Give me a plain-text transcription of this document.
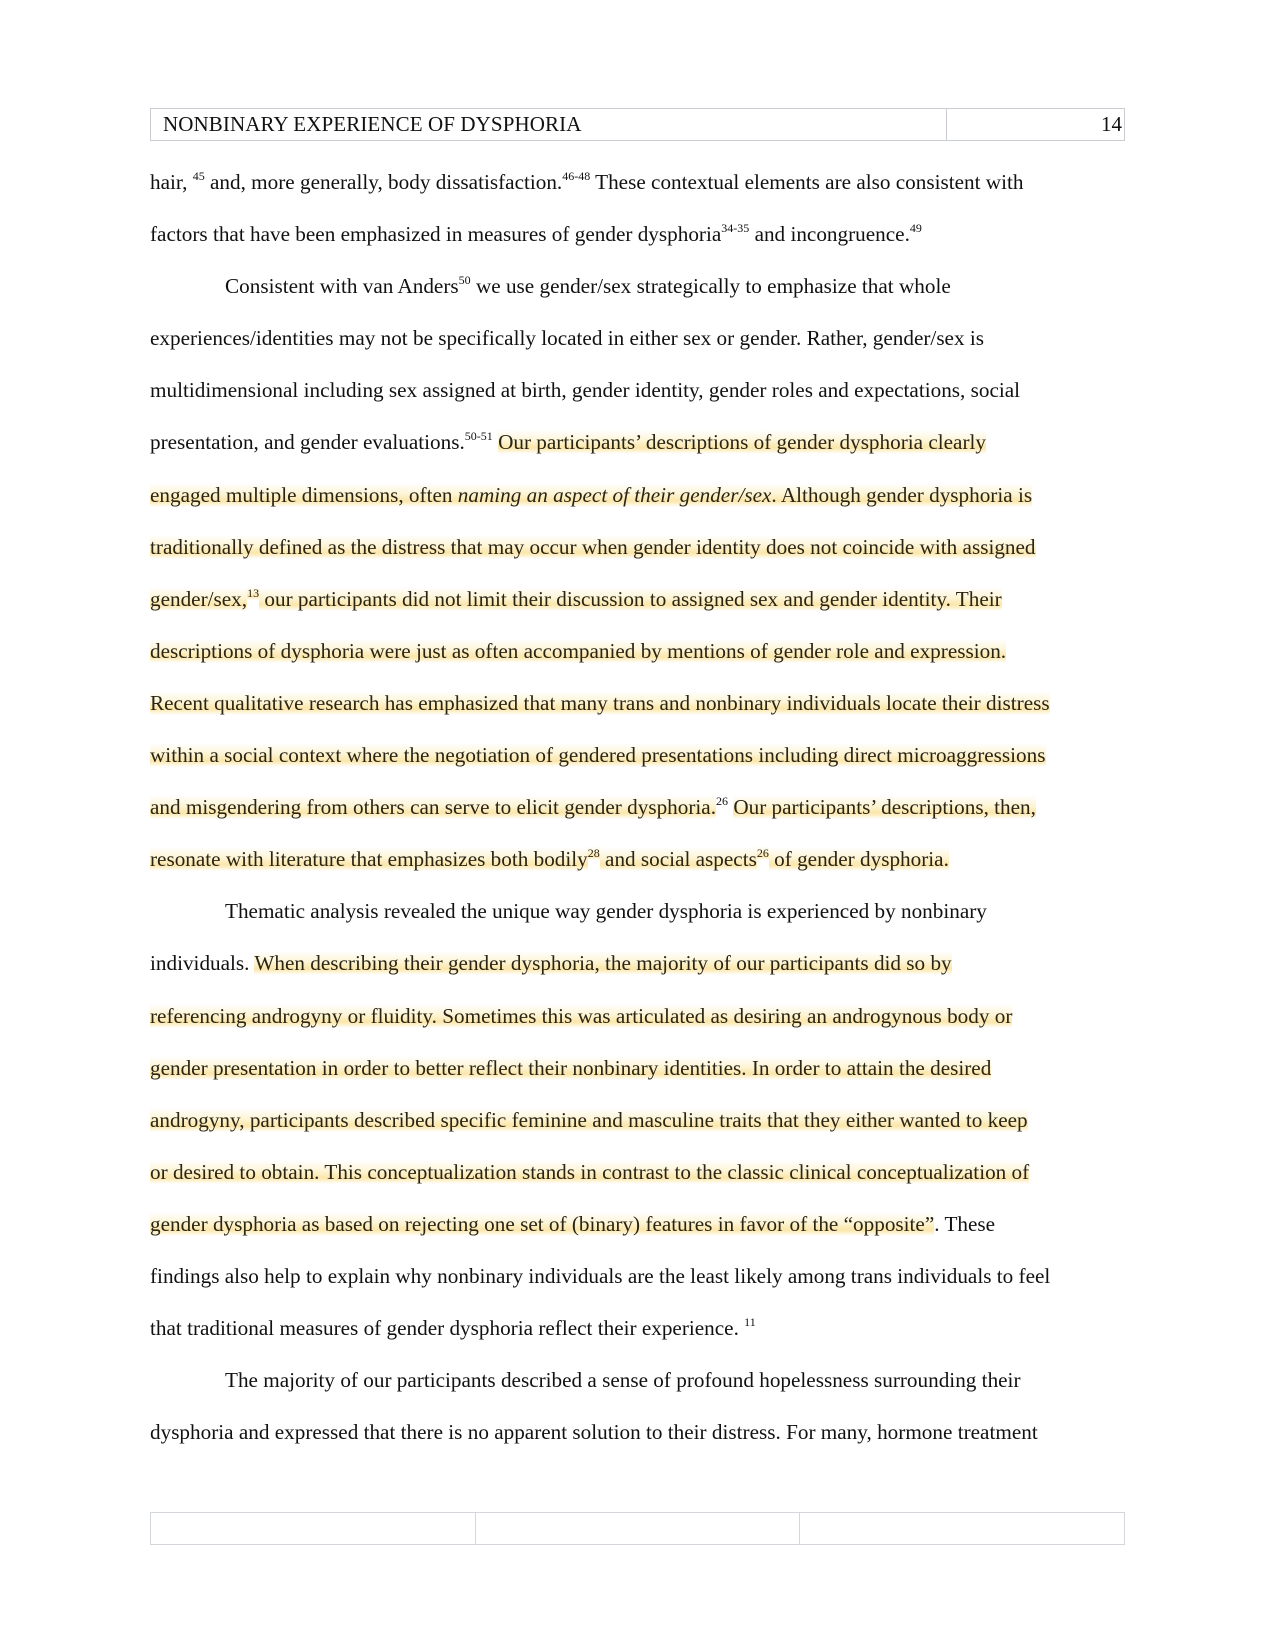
NONBINARY EXPERIENCE OF DYSPHORIA	14
hair, $^{45}$ and, more generally, body dissatisfaction.$^{46-48}$ These contextual elements are also consistent with
factors that have been emphasized in measures of gender dysphoria$^{34-35}$ and incongruence.$^{49}$
Consistent with van Anders$^{50}$ we use gender/sex strategically to emphasize that whole
experiences/identities may not be specifically located in either sex or gender. Rather, gender/sex is
multidimensional including sex assigned at birth, gender identity, gender roles and expectations, social
presentation, and gender evaluations.$^{50-51}$ Our participants’ descriptions of gender dysphoria clearly
engaged multiple dimensions, often naming an aspect of their gender/sex. Although gender dysphoria is
traditionally defined as the distress that may occur when gender identity does not coincide with assigned
gender/sex,$^{13}$ our participants did not limit their discussion to assigned sex and gender identity. Their
descriptions of dysphoria were just as often accompanied by mentions of gender role and expression.
Recent qualitative research has emphasized that many trans and nonbinary individuals locate their distress
within a social context where the negotiation of gendered presentations including direct microaggressions
and misgendering from others can serve to elicit gender dysphoria.$^{26}$ Our participants’ descriptions, then,
resonate with literature that emphasizes both bodily$^{28}$ and social aspects$^{26}$ of gender dysphoria.
Thematic analysis revealed the unique way gender dysphoria is experienced by nonbinary
individuals. When describing their gender dysphoria, the majority of our participants did so by
referencing androgyny or fluidity. Sometimes this was articulated as desiring an androgynous body or
gender presentation in order to better reflect their nonbinary identities. In order to attain the desired
androgyny, participants described specific feminine and masculine traits that they either wanted to keep
or desired to obtain. This conceptualization stands in contrast to the classic clinical conceptualization of
gender dysphoria as based on rejecting one set of (binary) features in favor of the “opposite”. These
findings also help to explain why nonbinary individuals are the least likely among trans individuals to feel
that traditional measures of gender dysphoria reflect their experience. $^{11}$
The majority of our participants described a sense of profound hopelessness surrounding their
dysphoria and expressed that there is no apparent solution to their distress. For many, hormone treatment
